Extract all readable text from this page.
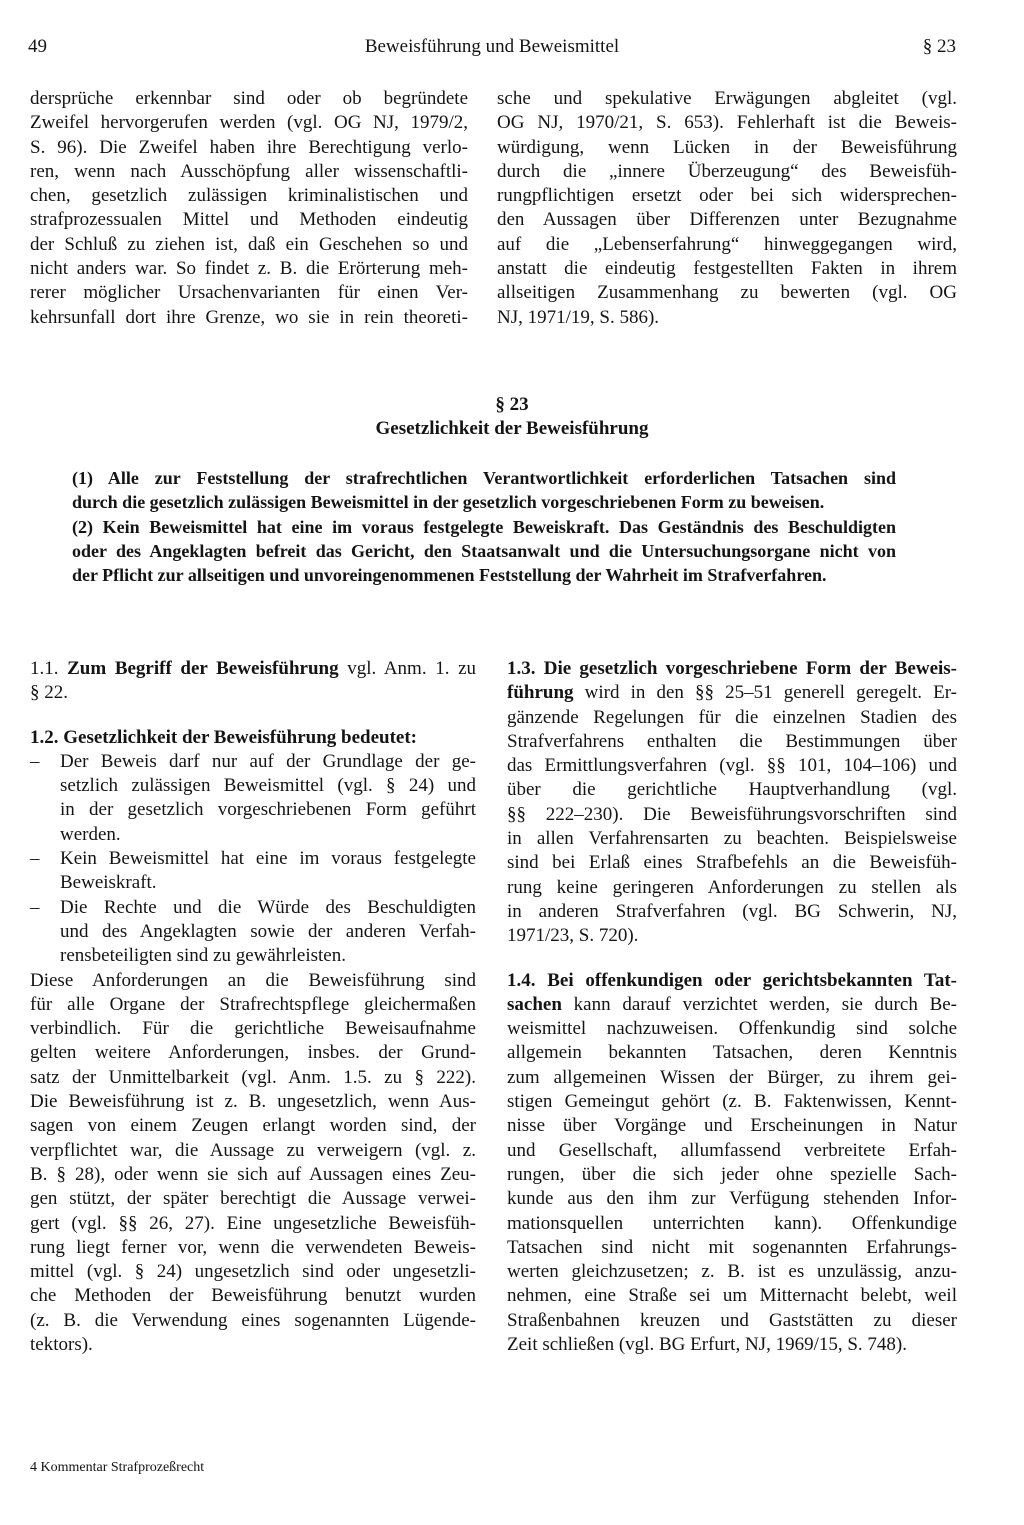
49	Beweisführung und Beweismittel	§ 23
dersprüche erkennbar sind oder ob begründete
Zweifel hervorgerufen werden (vgl. OG NJ, 1979/2,
S. 96). Die Zweifel haben ihre Berechtigung verlo-
ren, wenn nach Ausschöpfung aller wissenschaftli-
chen, gesetzlich zulässigen kriminalistischen und
strafprozessualen Mittel und Methoden eindeutig
der Schluß zu ziehen ist, daß ein Geschehen so und
nicht anders war. So findet z. B. die Erörterung meh-
rerer möglicher Ursachenvarianten für einen Ver-
kehrsunfall dort ihre Grenze, wo sie in rein theoreti-
sche und spekulative Erwägungen abgleitet (vgl.
OG NJ, 1970/21, S. 653). Fehlerhaft ist die Beweis-
würdigung, wenn Lücken in der Beweisführung
durch die „innere Überzeugung“ des Beweisfüh-
rungpflichtigen ersetzt oder bei sich widersprechen-
den Aussagen über Differenzen unter Bezugnahme
auf die „Lebenserfahrung“ hinweggegangen wird,
anstatt die eindeutig festgestellten Fakten in ihrem
allseitigen Zusammenhang zu bewerten (vgl. OG
NJ, 1971/19, S. 586).
§ 23
Gesetzlichkeit der Beweisführung
(1) Alle zur Feststellung der strafrechtlichen Verantwortlichkeit erforderlichen Tatsachen sind
durch die gesetzlich zulässigen Beweismittel in der gesetzlich vorgeschriebenen Form zu beweisen.
(2) Kein Beweismittel hat eine im voraus festgelegte Beweiskraft. Das Geständnis des Beschuldigten
oder des Angeklagten befreit das Gericht, den Staatsanwalt und die Untersuchungsorgane nicht von
der Pflicht zur allseitigen und unvoreingenommenen Feststellung der Wahrheit im Strafverfahren.
1.1. Zum Begriff der Beweisführung vgl. Anm. 1. zu
§ 22.
1.2. Gesetzlichkeit der Beweisführung bedeutet:
– Der Beweis darf nur auf der Grundlage der ge-
setzlich zulässigen Beweismittel (vgl. § 24) und
in der gesetzlich vorgeschriebenen Form geführt
werden.
– Kein Beweismittel hat eine im voraus festgelegte
Beweiskraft.
– Die Rechte und die Würde des Beschuldigten
und des Angeklagten sowie der anderen Verfah-
rensbeteiligten sind zu gewährleisten.
Diese Anforderungen an die Beweisführung sind
für alle Organe der Strafrechtspflege gleichermaßen
verbindlich. Für die gerichtliche Beweisaufnahme
gelten weitere Anforderungen, insbes. der Grund-
satz der Unmittelbarkeit (vgl. Anm. 1.5. zu § 222).
Die Beweisführung ist z. B. ungesetzlich, wenn Aus-
sagen von einem Zeugen erlangt worden sind, der
verpflichtet war, die Aussage zu verweigern (vgl. z.
B. § 28), oder wenn sie sich auf Aussagen eines Zeu-
gen stützt, der später berechtigt die Aussage verwei-
gert (vgl. §§ 26, 27). Eine ungesetzliche Beweisfüh-
rung liegt ferner vor, wenn die verwendeten Beweis-
mittel (vgl. § 24) ungesetzlich sind oder ungesetzli-
che Methoden der Beweisführung benutzt wurden
(z. B. die Verwendung eines sogenannten Lügende-
tektors).
1.3. Die gesetzlich vorgeschriebene Form der Beweis-
führung wird in den §§ 25–51 generell geregelt. Er-
gänzende Regelungen für die einzelnen Stadien des
Strafverfahrens enthalten die Bestimmungen über
das Ermittlungsverfahren (vgl. §§ 101, 104–106) und
über die gerichtliche Hauptverhandlung (vgl.
§§ 222–230). Die Beweisführungsvorschriften sind
in allen Verfahrensarten zu beachten. Beispielsweise
sind bei Erlaß eines Strafbefehls an die Beweisfüh-
rung keine geringeren Anforderungen zu stellen als
in anderen Strafverfahren (vgl. BG Schwerin, NJ,
1971/23, S. 720).
1.4. Bei offenkundigen oder gerichtsbekannten Tat-
sachen kann darauf verzichtet werden, sie durch Be-
weismittel nachzuweisen. Offenkundig sind solche
allgemein bekannten Tatsachen, deren Kenntnis
zum allgemeinen Wissen der Bürger, zu ihrem gei-
stigen Gemeingut gehört (z. B. Faktenwissen, Kennt-
nisse über Vorgänge und Erscheinungen in Natur
und Gesellschaft, allumfassend verbreitete Erfah-
rungen, über die sich jeder ohne spezielle Sach-
kunde aus den ihm zur Verfügung stehenden Infor-
mationsquellen unterrichten kann). Offenkundige
Tatsachen sind nicht mit sogenannten Erfahrungs-
werten gleichzusetzen; z. B. ist es unzulässig, anzu-
nehmen, eine Straße sei um Mitternacht belebt, weil
Straßenbahnen kreuzen und Gaststätten zu dieser
Zeit schließen (vgl. BG Erfurt, NJ, 1969/15, S. 748).
4 Kommentar Strafprozeßrecht
